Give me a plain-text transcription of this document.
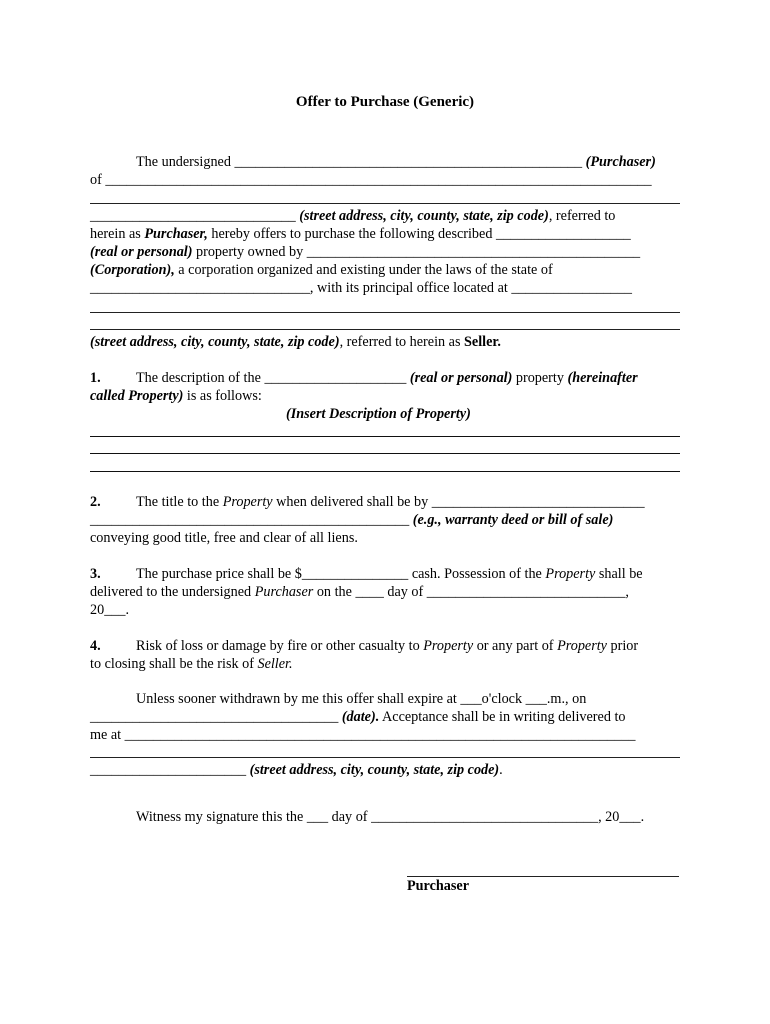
Offer to Purchase (Generic)
The undersigned _________________________________________________ (Purchaser)
of _____________________________________________________________________________
_____________________________ (street address, city, county, state, zip code), referred to
herein as Purchaser, hereby offers to purchase the following described ___________________
(real or personal) property owned by _______________________________________________
(Corporation), a corporation organized and existing under the laws of the state of
_______________________________, with its principal office located at _________________
(street address, city, county, state, zip code), referred to herein as Seller.
1. The description of the ____________________ (real or personal) property (hereinafter
called Property) is as follows:
(Insert Description of Property)
2. The title to the Property when delivered shall be by ______________________________
_____________________________________________ (e.g., warranty deed or bill of sale)
conveying good title, free and clear of all liens.
3. The purchase price shall be $_______________ cash. Possession of the Property shall be
delivered to the undersigned Purchaser on the ____ day of ____________________________,
20___.
4. Risk of loss or damage by fire or other casualty to Property or any part of Property prior
to closing shall be the risk of Seller.
Unless sooner withdrawn by me this offer shall expire at ___o'clock ___.m., on
___________________________________ (date). Acceptance shall be in writing delivered to
me at ________________________________________________________________________
______________________ (street address, city, county, state, zip code).
Witness my signature this the ___ day of ________________________________, 20___.
Purchaser
